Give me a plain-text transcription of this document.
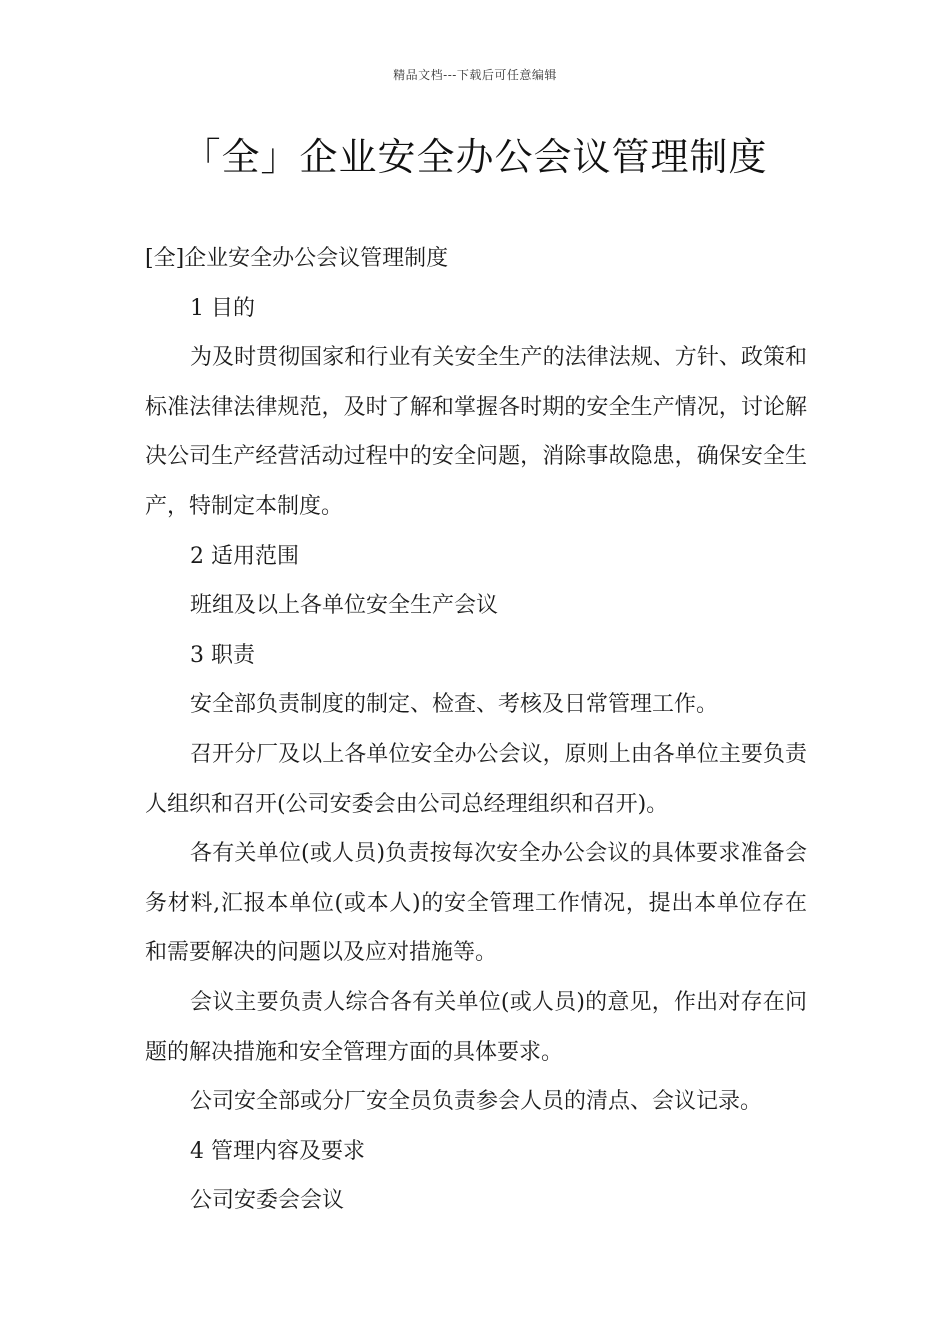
精品文档---下载后可任意编辑
「全」企业安全办公会议管理制度

[全]企业安全办公会议管理制度

1 目的

为及时贯彻国家和行业有关安全生产的法律法规、方针、政策和标准法律法律规范，及时了解和掌握各时期的安全生产情况，讨论解决公司生产经营活动过程中的安全问题，消除事故隐患，确保安全生产，特制定本制度。

2 适用范围

班组及以上各单位安全生产会议

3 职责

安全部负责制度的制定、检查、考核及日常管理工作。

召开分厂及以上各单位安全办公会议，原则上由各单位主要负责人组织和召开(公司安委会由公司总经理组织和召开)。

各有关单位(或人员)负责按每次安全办公会议的具体要求准备会务材料,汇报本单位(或本人)的安全管理工作情况，提出本单位存在和需要解决的问题以及应对措施等。

会议主要负责人综合各有关单位(或人员)的意见，作出对存在问题的解决措施和安全管理方面的具体要求。

公司安全部或分厂安全员负责参会人员的清点、会议记录。

4 管理内容及要求

公司安委会会议
